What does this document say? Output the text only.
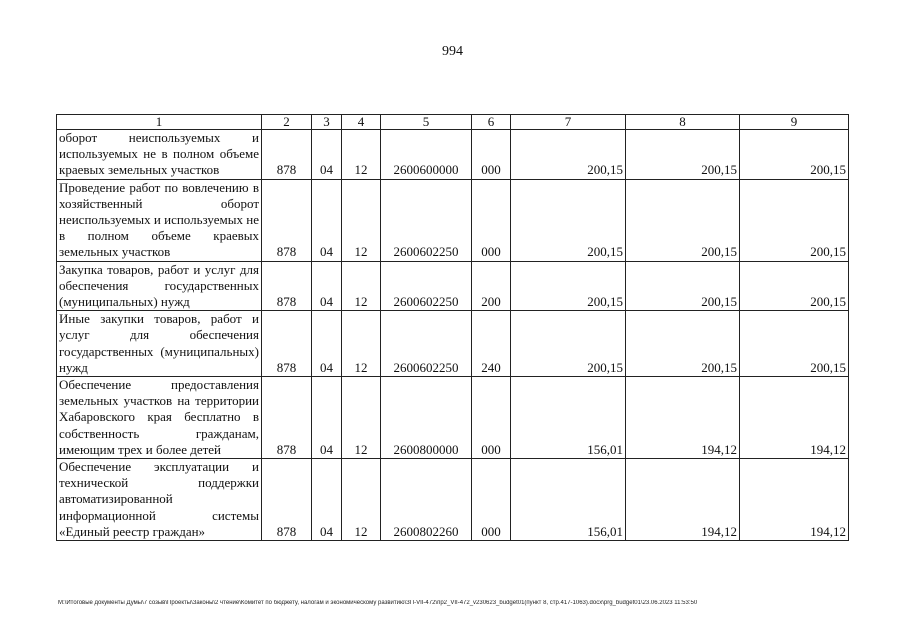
994
1	2	3	4	5	6	7	8	9
оборот неиспользуемых и используемых не в полном объеме краевых земельных участков	878	04	12	2600600000	000	200,15	200,15	200,15
Проведение работ по вовлечению в хозяйственный оборот неиспользуемых и используемых не в полном объеме краевых земельных участков	878	04	12	2600602250	000	200,15	200,15	200,15
Закупка товаров, работ и услуг для обеспечения государственных (муниципальных) нужд	878	04	12	2600602250	200	200,15	200,15	200,15
Иные закупки товаров, работ и услуг для обеспечения государственных (муниципальных) нужд	878	04	12	2600602250	240	200,15	200,15	200,15
Обеспечение предоставления земельных участков на территории Хабаровского края бесплатно в собственность гражданам, имеющим трех и более детей	878	04	12	2600800000	000	156,01	194,12	194,12
Обеспечение эксплуатации и технической поддержки автоматизированной информационной системы «Единый реестр граждан»	878	04	12	2600802260	000	156,01	194,12	194,12
M:\Итоговые документы Думы\7 созыв\Проекты\Законы\2 чтение\Комитет по бюджету, налогам и экономическому развитию\ЗП-VII-472\пр2_VII-472_v230623_budget01(пункт 8, стр.417-1063).docx\prg_budget01\23.06.2023 11:53:50
